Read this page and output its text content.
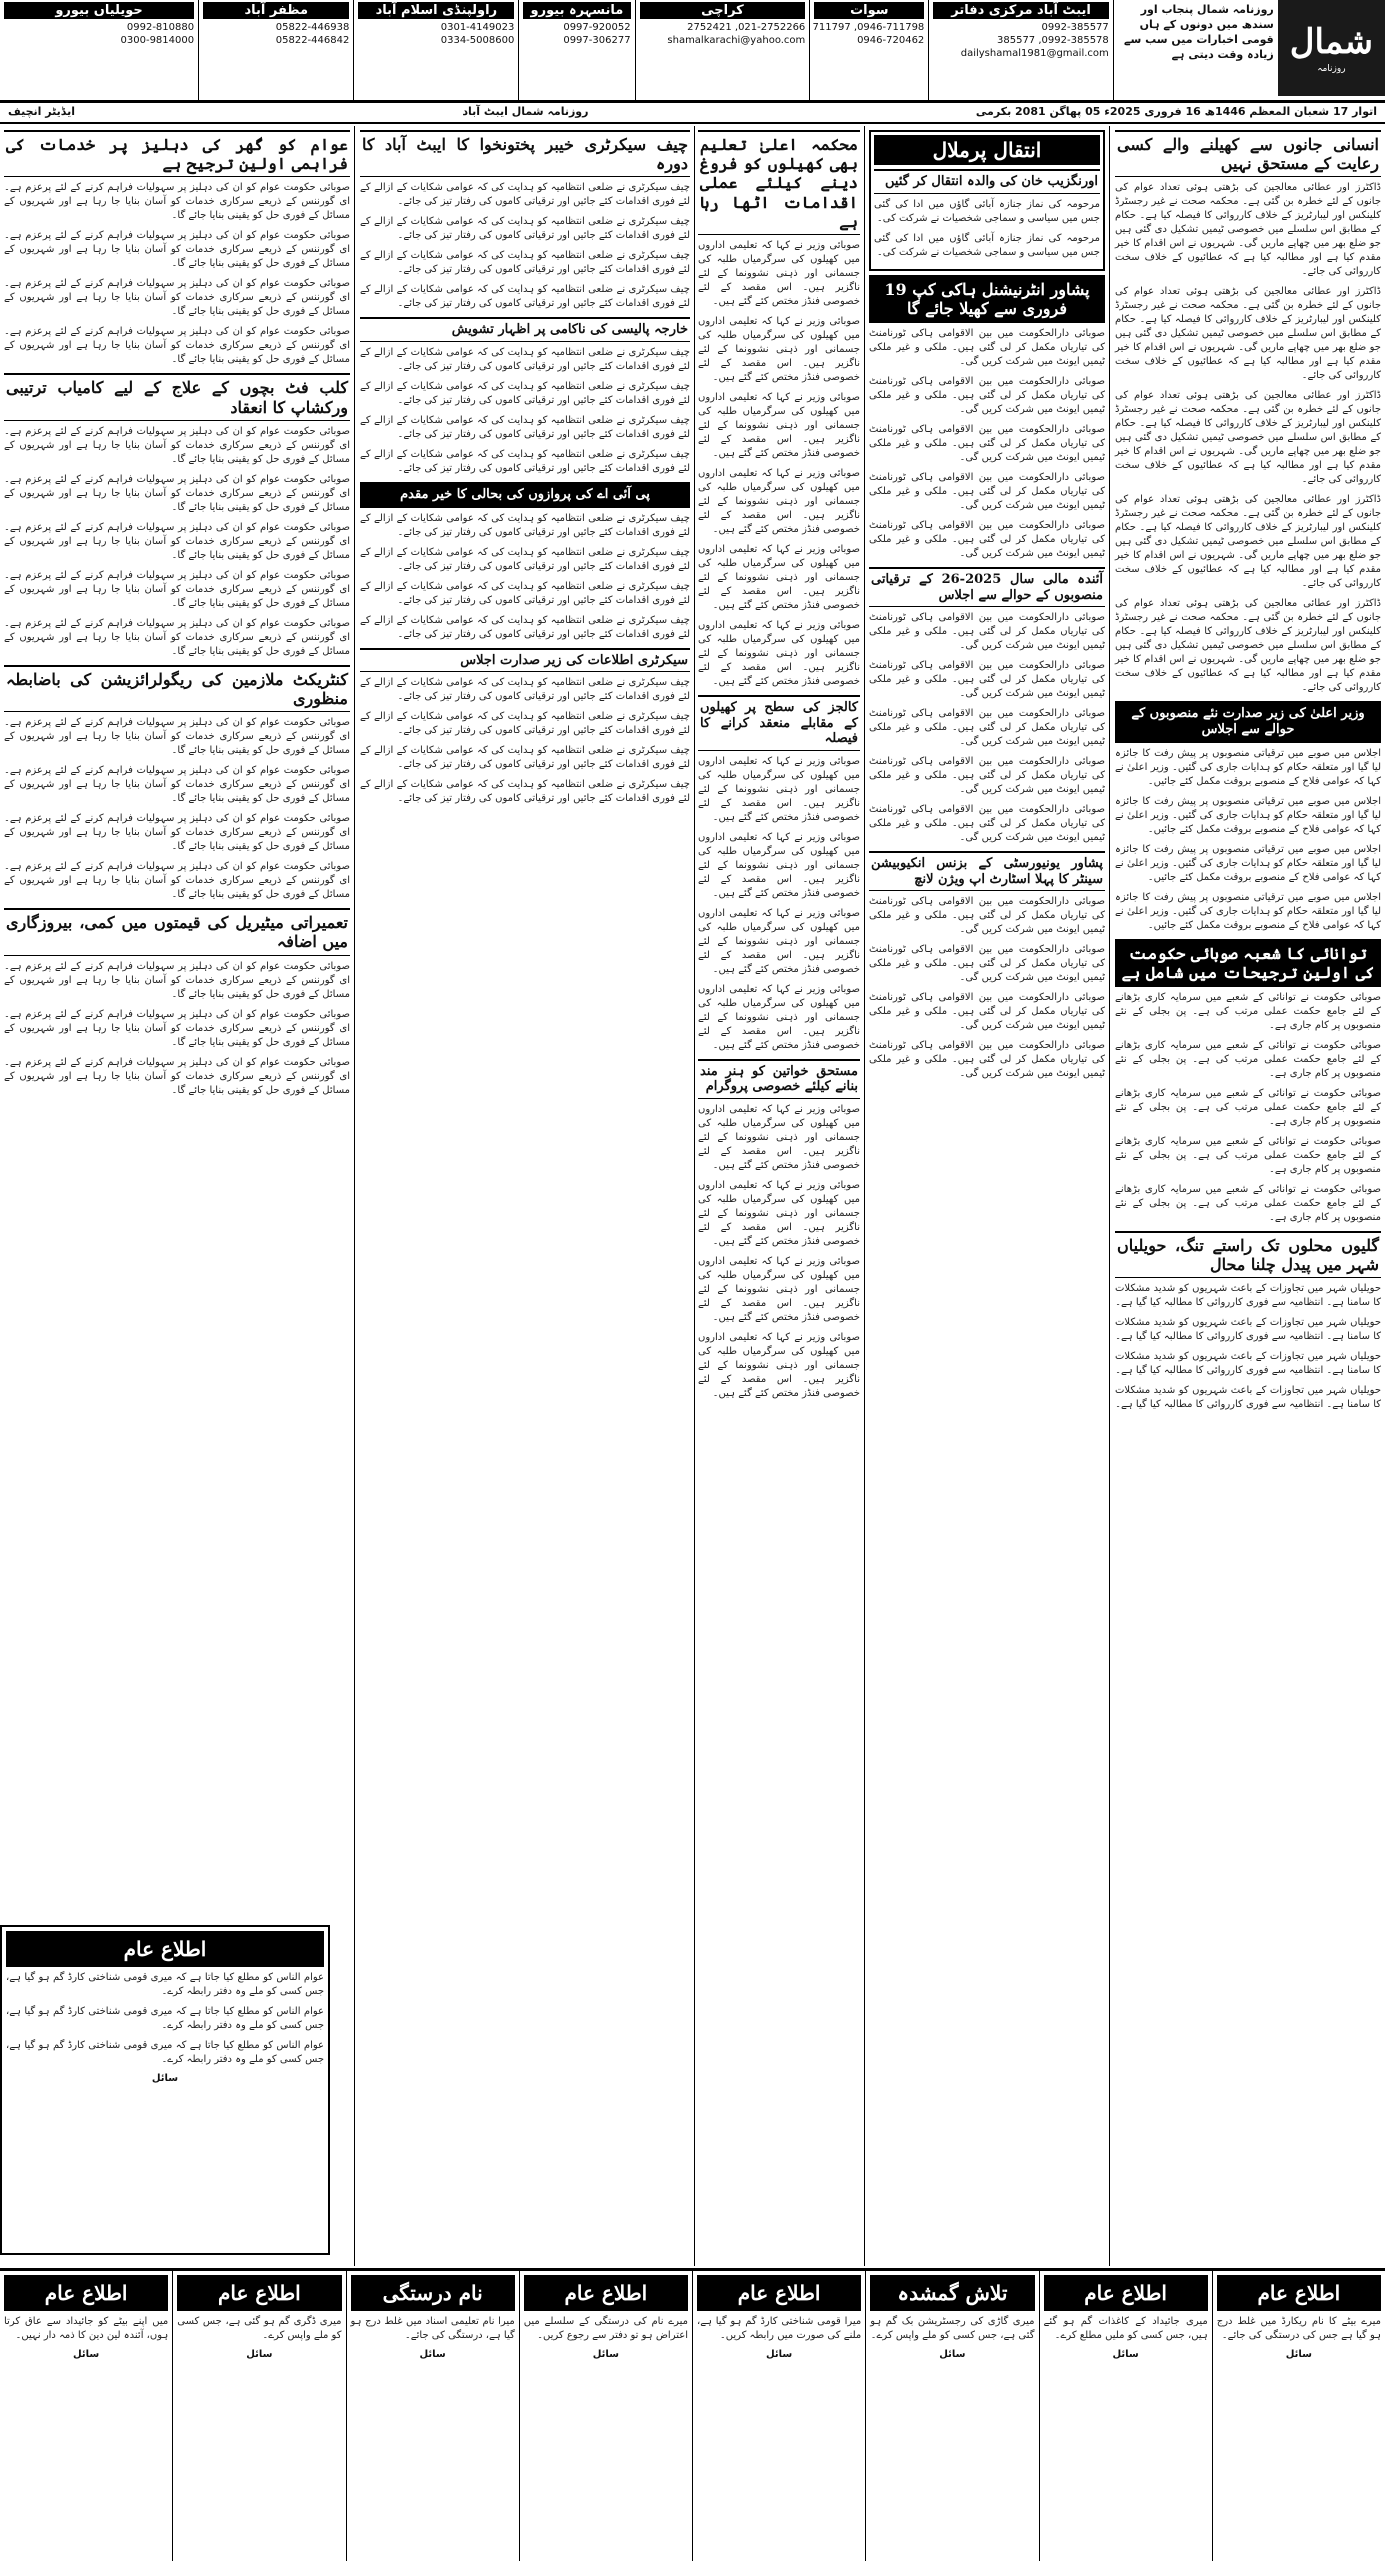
شمال
روزنامہ
روزنامہ شمال پنجاب اور سندھ میں دونوں کے ہاں قومی اخبارات میں سب سے زیادہ وقت دیتی ہے
ایبٹ آباد مرکزی دفاتر
0992-385577
0992-385578, 385577
dailyshamal1981@gmail.com
سوات
0946-711798, 711797
0946-720462
کراچی
021-2752266, 2752421
shamalkarachi@yahoo.com
مانسہرہ بیورو
0997-920052
0997-306277
راولپنڈی اسلام آباد
0301-4149023
0334-5008600
مظفر آباد
05822-446938
05822-446842
حویلیاں بیورو
0992-810880
0300-9814000
اتوار 17 شعبان المعظم 1446ھ 16 فروری 2025ء 05 پھاگن 2081 بکرمی
روزنامہ شمال ایبٹ آباد
ایڈیٹر انچیف
انسانی جانوں سے کھیلنے والے کسی رعایت کے مستحق نہیں

ڈاکٹرز اور عطائی معالجین کی بڑھتی ہوئی تعداد عوام کی جانوں کے لئے خطرہ بن گئی ہے۔ محکمہ صحت نے غیر رجسٹرڈ کلینکس اور لیبارٹریز کے خلاف کارروائی کا فیصلہ کیا ہے۔ حکام کے مطابق اس سلسلے میں خصوصی ٹیمیں تشکیل دی گئی ہیں جو ضلع بھر میں چھاپے ماریں گی۔ شہریوں نے اس اقدام کا خیر مقدم کیا ہے اور مطالبہ کیا ہے کہ عطائیوں کے خلاف سخت کارروائی کی جائے۔

ڈاکٹرز اور عطائی معالجین کی بڑھتی ہوئی تعداد عوام کی جانوں کے لئے خطرہ بن گئی ہے۔ محکمہ صحت نے غیر رجسٹرڈ کلینکس اور لیبارٹریز کے خلاف کارروائی کا فیصلہ کیا ہے۔ حکام کے مطابق اس سلسلے میں خصوصی ٹیمیں تشکیل دی گئی ہیں جو ضلع بھر میں چھاپے ماریں گی۔ شہریوں نے اس اقدام کا خیر مقدم کیا ہے اور مطالبہ کیا ہے کہ عطائیوں کے خلاف سخت کارروائی کی جائے۔

ڈاکٹرز اور عطائی معالجین کی بڑھتی ہوئی تعداد عوام کی جانوں کے لئے خطرہ بن گئی ہے۔ محکمہ صحت نے غیر رجسٹرڈ کلینکس اور لیبارٹریز کے خلاف کارروائی کا فیصلہ کیا ہے۔ حکام کے مطابق اس سلسلے میں خصوصی ٹیمیں تشکیل دی گئی ہیں جو ضلع بھر میں چھاپے ماریں گی۔ شہریوں نے اس اقدام کا خیر مقدم کیا ہے اور مطالبہ کیا ہے کہ عطائیوں کے خلاف سخت کارروائی کی جائے۔

ڈاکٹرز اور عطائی معالجین کی بڑھتی ہوئی تعداد عوام کی جانوں کے لئے خطرہ بن گئی ہے۔ محکمہ صحت نے غیر رجسٹرڈ کلینکس اور لیبارٹریز کے خلاف کارروائی کا فیصلہ کیا ہے۔ حکام کے مطابق اس سلسلے میں خصوصی ٹیمیں تشکیل دی گئی ہیں جو ضلع بھر میں چھاپے ماریں گی۔ شہریوں نے اس اقدام کا خیر مقدم کیا ہے اور مطالبہ کیا ہے کہ عطائیوں کے خلاف سخت کارروائی کی جائے۔

ڈاکٹرز اور عطائی معالجین کی بڑھتی ہوئی تعداد عوام کی جانوں کے لئے خطرہ بن گئی ہے۔ محکمہ صحت نے غیر رجسٹرڈ کلینکس اور لیبارٹریز کے خلاف کارروائی کا فیصلہ کیا ہے۔ حکام کے مطابق اس سلسلے میں خصوصی ٹیمیں تشکیل دی گئی ہیں جو ضلع بھر میں چھاپے ماریں گی۔ شہریوں نے اس اقدام کا خیر مقدم کیا ہے اور مطالبہ کیا ہے کہ عطائیوں کے خلاف سخت کارروائی کی جائے۔

وزیر اعلیٰ کی زیر صدارت نئے منصوبوں کے حوالے سے اجلاس

اجلاس میں صوبے میں ترقیاتی منصوبوں پر پیش رفت کا جائزہ لیا گیا اور متعلقہ حکام کو ہدایات جاری کی گئیں۔ وزیر اعلیٰ نے کہا کہ عوامی فلاح کے منصوبے بروقت مکمل کئے جائیں۔

اجلاس میں صوبے میں ترقیاتی منصوبوں پر پیش رفت کا جائزہ لیا گیا اور متعلقہ حکام کو ہدایات جاری کی گئیں۔ وزیر اعلیٰ نے کہا کہ عوامی فلاح کے منصوبے بروقت مکمل کئے جائیں۔

اجلاس میں صوبے میں ترقیاتی منصوبوں پر پیش رفت کا جائزہ لیا گیا اور متعلقہ حکام کو ہدایات جاری کی گئیں۔ وزیر اعلیٰ نے کہا کہ عوامی فلاح کے منصوبے بروقت مکمل کئے جائیں۔

اجلاس میں صوبے میں ترقیاتی منصوبوں پر پیش رفت کا جائزہ لیا گیا اور متعلقہ حکام کو ہدایات جاری کی گئیں۔ وزیر اعلیٰ نے کہا کہ عوامی فلاح کے منصوبے بروقت مکمل کئے جائیں۔

توانائی کا شعبہ صوبائی حکومت کی اولین ترجیحات میں شامل ہے

صوبائی حکومت نے توانائی کے شعبے میں سرمایہ کاری بڑھانے کے لئے جامع حکمت عملی مرتب کی ہے۔ پن بجلی کے نئے منصوبوں پر کام جاری ہے۔

صوبائی حکومت نے توانائی کے شعبے میں سرمایہ کاری بڑھانے کے لئے جامع حکمت عملی مرتب کی ہے۔ پن بجلی کے نئے منصوبوں پر کام جاری ہے۔

صوبائی حکومت نے توانائی کے شعبے میں سرمایہ کاری بڑھانے کے لئے جامع حکمت عملی مرتب کی ہے۔ پن بجلی کے نئے منصوبوں پر کام جاری ہے۔

صوبائی حکومت نے توانائی کے شعبے میں سرمایہ کاری بڑھانے کے لئے جامع حکمت عملی مرتب کی ہے۔ پن بجلی کے نئے منصوبوں پر کام جاری ہے۔

صوبائی حکومت نے توانائی کے شعبے میں سرمایہ کاری بڑھانے کے لئے جامع حکمت عملی مرتب کی ہے۔ پن بجلی کے نئے منصوبوں پر کام جاری ہے۔

گلیوں محلوں تک راستے تنگ، حویلیاں شہر میں پیدل چلنا محال

حویلیاں شہر میں تجاوزات کے باعث شہریوں کو شدید مشکلات کا سامنا ہے۔ انتظامیہ سے فوری کارروائی کا مطالبہ کیا گیا ہے۔

حویلیاں شہر میں تجاوزات کے باعث شہریوں کو شدید مشکلات کا سامنا ہے۔ انتظامیہ سے فوری کارروائی کا مطالبہ کیا گیا ہے۔

حویلیاں شہر میں تجاوزات کے باعث شہریوں کو شدید مشکلات کا سامنا ہے۔ انتظامیہ سے فوری کارروائی کا مطالبہ کیا گیا ہے۔

حویلیاں شہر میں تجاوزات کے باعث شہریوں کو شدید مشکلات کا سامنا ہے۔ انتظامیہ سے فوری کارروائی کا مطالبہ کیا گیا ہے۔

انتقال پرملال
اورنگزیب خان کی والدہ انتقال کر گئیں

مرحومہ کی نماز جنازہ آبائی گاؤں میں ادا کی گئی جس میں سیاسی و سماجی شخصیات نے شرکت کی۔

مرحومہ کی نماز جنازہ آبائی گاؤں میں ادا کی گئی جس میں سیاسی و سماجی شخصیات نے شرکت کی۔

پشاور انٹرنیشنل ہاکی کپ 19 فروری سے کھیلا جائے گا

صوبائی دارالحکومت میں بین الاقوامی ہاکی ٹورنامنٹ کی تیاریاں مکمل کر لی گئی ہیں۔ ملکی و غیر ملکی ٹیمیں ایونٹ میں شرکت کریں گی۔

صوبائی دارالحکومت میں بین الاقوامی ہاکی ٹورنامنٹ کی تیاریاں مکمل کر لی گئی ہیں۔ ملکی و غیر ملکی ٹیمیں ایونٹ میں شرکت کریں گی۔

صوبائی دارالحکومت میں بین الاقوامی ہاکی ٹورنامنٹ کی تیاریاں مکمل کر لی گئی ہیں۔ ملکی و غیر ملکی ٹیمیں ایونٹ میں شرکت کریں گی۔

صوبائی دارالحکومت میں بین الاقوامی ہاکی ٹورنامنٹ کی تیاریاں مکمل کر لی گئی ہیں۔ ملکی و غیر ملکی ٹیمیں ایونٹ میں شرکت کریں گی۔

صوبائی دارالحکومت میں بین الاقوامی ہاکی ٹورنامنٹ کی تیاریاں مکمل کر لی گئی ہیں۔ ملکی و غیر ملکی ٹیمیں ایونٹ میں شرکت کریں گی۔

آئندہ مالی سال 2025-26 کے ترقیاتی منصوبوں کے حوالے سے اجلاس

صوبائی دارالحکومت میں بین الاقوامی ہاکی ٹورنامنٹ کی تیاریاں مکمل کر لی گئی ہیں۔ ملکی و غیر ملکی ٹیمیں ایونٹ میں شرکت کریں گی۔

صوبائی دارالحکومت میں بین الاقوامی ہاکی ٹورنامنٹ کی تیاریاں مکمل کر لی گئی ہیں۔ ملکی و غیر ملکی ٹیمیں ایونٹ میں شرکت کریں گی۔

صوبائی دارالحکومت میں بین الاقوامی ہاکی ٹورنامنٹ کی تیاریاں مکمل کر لی گئی ہیں۔ ملکی و غیر ملکی ٹیمیں ایونٹ میں شرکت کریں گی۔

صوبائی دارالحکومت میں بین الاقوامی ہاکی ٹورنامنٹ کی تیاریاں مکمل کر لی گئی ہیں۔ ملکی و غیر ملکی ٹیمیں ایونٹ میں شرکت کریں گی۔

صوبائی دارالحکومت میں بین الاقوامی ہاکی ٹورنامنٹ کی تیاریاں مکمل کر لی گئی ہیں۔ ملکی و غیر ملکی ٹیمیں ایونٹ میں شرکت کریں گی۔

پشاور یونیورسٹی کے بزنس انکیوبیشن سینٹر کا پہلا اسٹارٹ اپ ویژن لانچ

صوبائی دارالحکومت میں بین الاقوامی ہاکی ٹورنامنٹ کی تیاریاں مکمل کر لی گئی ہیں۔ ملکی و غیر ملکی ٹیمیں ایونٹ میں شرکت کریں گی۔

صوبائی دارالحکومت میں بین الاقوامی ہاکی ٹورنامنٹ کی تیاریاں مکمل کر لی گئی ہیں۔ ملکی و غیر ملکی ٹیمیں ایونٹ میں شرکت کریں گی۔

صوبائی دارالحکومت میں بین الاقوامی ہاکی ٹورنامنٹ کی تیاریاں مکمل کر لی گئی ہیں۔ ملکی و غیر ملکی ٹیمیں ایونٹ میں شرکت کریں گی۔

صوبائی دارالحکومت میں بین الاقوامی ہاکی ٹورنامنٹ کی تیاریاں مکمل کر لی گئی ہیں۔ ملکی و غیر ملکی ٹیمیں ایونٹ میں شرکت کریں گی۔

محکمہ اعلیٰ تعلیم بھی کھیلوں کو فروغ دینے کیلئے عملی اقدامات اٹھا رہا ہے

صوبائی وزیر نے کہا کہ تعلیمی اداروں میں کھیلوں کی سرگرمیاں طلبہ کی جسمانی اور ذہنی نشوونما کے لئے ناگزیر ہیں۔ اس مقصد کے لئے خصوصی فنڈز مختص کئے گئے ہیں۔

صوبائی وزیر نے کہا کہ تعلیمی اداروں میں کھیلوں کی سرگرمیاں طلبہ کی جسمانی اور ذہنی نشوونما کے لئے ناگزیر ہیں۔ اس مقصد کے لئے خصوصی فنڈز مختص کئے گئے ہیں۔

صوبائی وزیر نے کہا کہ تعلیمی اداروں میں کھیلوں کی سرگرمیاں طلبہ کی جسمانی اور ذہنی نشوونما کے لئے ناگزیر ہیں۔ اس مقصد کے لئے خصوصی فنڈز مختص کئے گئے ہیں۔

صوبائی وزیر نے کہا کہ تعلیمی اداروں میں کھیلوں کی سرگرمیاں طلبہ کی جسمانی اور ذہنی نشوونما کے لئے ناگزیر ہیں۔ اس مقصد کے لئے خصوصی فنڈز مختص کئے گئے ہیں۔

صوبائی وزیر نے کہا کہ تعلیمی اداروں میں کھیلوں کی سرگرمیاں طلبہ کی جسمانی اور ذہنی نشوونما کے لئے ناگزیر ہیں۔ اس مقصد کے لئے خصوصی فنڈز مختص کئے گئے ہیں۔

صوبائی وزیر نے کہا کہ تعلیمی اداروں میں کھیلوں کی سرگرمیاں طلبہ کی جسمانی اور ذہنی نشوونما کے لئے ناگزیر ہیں۔ اس مقصد کے لئے خصوصی فنڈز مختص کئے گئے ہیں۔

کالجز کی سطح پر کھیلوں کے مقابلے منعقد کرانے کا فیصلہ

صوبائی وزیر نے کہا کہ تعلیمی اداروں میں کھیلوں کی سرگرمیاں طلبہ کی جسمانی اور ذہنی نشوونما کے لئے ناگزیر ہیں۔ اس مقصد کے لئے خصوصی فنڈز مختص کئے گئے ہیں۔

صوبائی وزیر نے کہا کہ تعلیمی اداروں میں کھیلوں کی سرگرمیاں طلبہ کی جسمانی اور ذہنی نشوونما کے لئے ناگزیر ہیں۔ اس مقصد کے لئے خصوصی فنڈز مختص کئے گئے ہیں۔

صوبائی وزیر نے کہا کہ تعلیمی اداروں میں کھیلوں کی سرگرمیاں طلبہ کی جسمانی اور ذہنی نشوونما کے لئے ناگزیر ہیں۔ اس مقصد کے لئے خصوصی فنڈز مختص کئے گئے ہیں۔

صوبائی وزیر نے کہا کہ تعلیمی اداروں میں کھیلوں کی سرگرمیاں طلبہ کی جسمانی اور ذہنی نشوونما کے لئے ناگزیر ہیں۔ اس مقصد کے لئے خصوصی فنڈز مختص کئے گئے ہیں۔

مستحق خواتین کو ہنر مند بنانے کیلئے خصوصی پروگرام

صوبائی وزیر نے کہا کہ تعلیمی اداروں میں کھیلوں کی سرگرمیاں طلبہ کی جسمانی اور ذہنی نشوونما کے لئے ناگزیر ہیں۔ اس مقصد کے لئے خصوصی فنڈز مختص کئے گئے ہیں۔

صوبائی وزیر نے کہا کہ تعلیمی اداروں میں کھیلوں کی سرگرمیاں طلبہ کی جسمانی اور ذہنی نشوونما کے لئے ناگزیر ہیں۔ اس مقصد کے لئے خصوصی فنڈز مختص کئے گئے ہیں۔

صوبائی وزیر نے کہا کہ تعلیمی اداروں میں کھیلوں کی سرگرمیاں طلبہ کی جسمانی اور ذہنی نشوونما کے لئے ناگزیر ہیں۔ اس مقصد کے لئے خصوصی فنڈز مختص کئے گئے ہیں۔

صوبائی وزیر نے کہا کہ تعلیمی اداروں میں کھیلوں کی سرگرمیاں طلبہ کی جسمانی اور ذہنی نشوونما کے لئے ناگزیر ہیں۔ اس مقصد کے لئے خصوصی فنڈز مختص کئے گئے ہیں۔

چیف سیکرٹری خیبر پختونخوا کا ایبٹ آباد کا دورہ

چیف سیکرٹری نے ضلعی انتظامیہ کو ہدایت کی کہ عوامی شکایات کے ازالے کے لئے فوری اقدامات کئے جائیں اور ترقیاتی کاموں کی رفتار تیز کی جائے۔

چیف سیکرٹری نے ضلعی انتظامیہ کو ہدایت کی کہ عوامی شکایات کے ازالے کے لئے فوری اقدامات کئے جائیں اور ترقیاتی کاموں کی رفتار تیز کی جائے۔

چیف سیکرٹری نے ضلعی انتظامیہ کو ہدایت کی کہ عوامی شکایات کے ازالے کے لئے فوری اقدامات کئے جائیں اور ترقیاتی کاموں کی رفتار تیز کی جائے۔

چیف سیکرٹری نے ضلعی انتظامیہ کو ہدایت کی کہ عوامی شکایات کے ازالے کے لئے فوری اقدامات کئے جائیں اور ترقیاتی کاموں کی رفتار تیز کی جائے۔

خارجہ پالیسی کی ناکامی پر اظہار تشویش

چیف سیکرٹری نے ضلعی انتظامیہ کو ہدایت کی کہ عوامی شکایات کے ازالے کے لئے فوری اقدامات کئے جائیں اور ترقیاتی کاموں کی رفتار تیز کی جائے۔

چیف سیکرٹری نے ضلعی انتظامیہ کو ہدایت کی کہ عوامی شکایات کے ازالے کے لئے فوری اقدامات کئے جائیں اور ترقیاتی کاموں کی رفتار تیز کی جائے۔

چیف سیکرٹری نے ضلعی انتظامیہ کو ہدایت کی کہ عوامی شکایات کے ازالے کے لئے فوری اقدامات کئے جائیں اور ترقیاتی کاموں کی رفتار تیز کی جائے۔

چیف سیکرٹری نے ضلعی انتظامیہ کو ہدایت کی کہ عوامی شکایات کے ازالے کے لئے فوری اقدامات کئے جائیں اور ترقیاتی کاموں کی رفتار تیز کی جائے۔

پی آئی اے کی پروازوں کی بحالی کا خیر مقدم

چیف سیکرٹری نے ضلعی انتظامیہ کو ہدایت کی کہ عوامی شکایات کے ازالے کے لئے فوری اقدامات کئے جائیں اور ترقیاتی کاموں کی رفتار تیز کی جائے۔

چیف سیکرٹری نے ضلعی انتظامیہ کو ہدایت کی کہ عوامی شکایات کے ازالے کے لئے فوری اقدامات کئے جائیں اور ترقیاتی کاموں کی رفتار تیز کی جائے۔

چیف سیکرٹری نے ضلعی انتظامیہ کو ہدایت کی کہ عوامی شکایات کے ازالے کے لئے فوری اقدامات کئے جائیں اور ترقیاتی کاموں کی رفتار تیز کی جائے۔

چیف سیکرٹری نے ضلعی انتظامیہ کو ہدایت کی کہ عوامی شکایات کے ازالے کے لئے فوری اقدامات کئے جائیں اور ترقیاتی کاموں کی رفتار تیز کی جائے۔

سیکرٹری اطلاعات کی زیر صدارت اجلاس

چیف سیکرٹری نے ضلعی انتظامیہ کو ہدایت کی کہ عوامی شکایات کے ازالے کے لئے فوری اقدامات کئے جائیں اور ترقیاتی کاموں کی رفتار تیز کی جائے۔

چیف سیکرٹری نے ضلعی انتظامیہ کو ہدایت کی کہ عوامی شکایات کے ازالے کے لئے فوری اقدامات کئے جائیں اور ترقیاتی کاموں کی رفتار تیز کی جائے۔

چیف سیکرٹری نے ضلعی انتظامیہ کو ہدایت کی کہ عوامی شکایات کے ازالے کے لئے فوری اقدامات کئے جائیں اور ترقیاتی کاموں کی رفتار تیز کی جائے۔

چیف سیکرٹری نے ضلعی انتظامیہ کو ہدایت کی کہ عوامی شکایات کے ازالے کے لئے فوری اقدامات کئے جائیں اور ترقیاتی کاموں کی رفتار تیز کی جائے۔

عوام کو گھر کی دہلیز پر خدمات کی فراہمی اولین ترجیح ہے

صوبائی حکومت عوام کو ان کی دہلیز پر سہولیات فراہم کرنے کے لئے پرعزم ہے۔ ای گورننس کے ذریعے سرکاری خدمات کو آسان بنایا جا رہا ہے اور شہریوں کے مسائل کے فوری حل کو یقینی بنایا جائے گا۔

صوبائی حکومت عوام کو ان کی دہلیز پر سہولیات فراہم کرنے کے لئے پرعزم ہے۔ ای گورننس کے ذریعے سرکاری خدمات کو آسان بنایا جا رہا ہے اور شہریوں کے مسائل کے فوری حل کو یقینی بنایا جائے گا۔

صوبائی حکومت عوام کو ان کی دہلیز پر سہولیات فراہم کرنے کے لئے پرعزم ہے۔ ای گورننس کے ذریعے سرکاری خدمات کو آسان بنایا جا رہا ہے اور شہریوں کے مسائل کے فوری حل کو یقینی بنایا جائے گا۔

صوبائی حکومت عوام کو ان کی دہلیز پر سہولیات فراہم کرنے کے لئے پرعزم ہے۔ ای گورننس کے ذریعے سرکاری خدمات کو آسان بنایا جا رہا ہے اور شہریوں کے مسائل کے فوری حل کو یقینی بنایا جائے گا۔

کلب فٹ بچوں کے علاج کے لیے کامیاب ترتیبی ورکشاپ کا انعقاد

صوبائی حکومت عوام کو ان کی دہلیز پر سہولیات فراہم کرنے کے لئے پرعزم ہے۔ ای گورننس کے ذریعے سرکاری خدمات کو آسان بنایا جا رہا ہے اور شہریوں کے مسائل کے فوری حل کو یقینی بنایا جائے گا۔

صوبائی حکومت عوام کو ان کی دہلیز پر سہولیات فراہم کرنے کے لئے پرعزم ہے۔ ای گورننس کے ذریعے سرکاری خدمات کو آسان بنایا جا رہا ہے اور شہریوں کے مسائل کے فوری حل کو یقینی بنایا جائے گا۔

صوبائی حکومت عوام کو ان کی دہلیز پر سہولیات فراہم کرنے کے لئے پرعزم ہے۔ ای گورننس کے ذریعے سرکاری خدمات کو آسان بنایا جا رہا ہے اور شہریوں کے مسائل کے فوری حل کو یقینی بنایا جائے گا۔

صوبائی حکومت عوام کو ان کی دہلیز پر سہولیات فراہم کرنے کے لئے پرعزم ہے۔ ای گورننس کے ذریعے سرکاری خدمات کو آسان بنایا جا رہا ہے اور شہریوں کے مسائل کے فوری حل کو یقینی بنایا جائے گا۔

صوبائی حکومت عوام کو ان کی دہلیز پر سہولیات فراہم کرنے کے لئے پرعزم ہے۔ ای گورننس کے ذریعے سرکاری خدمات کو آسان بنایا جا رہا ہے اور شہریوں کے مسائل کے فوری حل کو یقینی بنایا جائے گا۔

کنٹریکٹ ملازمین کی ریگولرائزیشن کی باضابطہ منظوری

صوبائی حکومت عوام کو ان کی دہلیز پر سہولیات فراہم کرنے کے لئے پرعزم ہے۔ ای گورننس کے ذریعے سرکاری خدمات کو آسان بنایا جا رہا ہے اور شہریوں کے مسائل کے فوری حل کو یقینی بنایا جائے گا۔

صوبائی حکومت عوام کو ان کی دہلیز پر سہولیات فراہم کرنے کے لئے پرعزم ہے۔ ای گورننس کے ذریعے سرکاری خدمات کو آسان بنایا جا رہا ہے اور شہریوں کے مسائل کے فوری حل کو یقینی بنایا جائے گا۔

صوبائی حکومت عوام کو ان کی دہلیز پر سہولیات فراہم کرنے کے لئے پرعزم ہے۔ ای گورننس کے ذریعے سرکاری خدمات کو آسان بنایا جا رہا ہے اور شہریوں کے مسائل کے فوری حل کو یقینی بنایا جائے گا۔

صوبائی حکومت عوام کو ان کی دہلیز پر سہولیات فراہم کرنے کے لئے پرعزم ہے۔ ای گورننس کے ذریعے سرکاری خدمات کو آسان بنایا جا رہا ہے اور شہریوں کے مسائل کے فوری حل کو یقینی بنایا جائے گا۔

تعمیراتی میٹیریل کی قیمتوں میں کمی، بیروزگاری میں اضافہ

صوبائی حکومت عوام کو ان کی دہلیز پر سہولیات فراہم کرنے کے لئے پرعزم ہے۔ ای گورننس کے ذریعے سرکاری خدمات کو آسان بنایا جا رہا ہے اور شہریوں کے مسائل کے فوری حل کو یقینی بنایا جائے گا۔

صوبائی حکومت عوام کو ان کی دہلیز پر سہولیات فراہم کرنے کے لئے پرعزم ہے۔ ای گورننس کے ذریعے سرکاری خدمات کو آسان بنایا جا رہا ہے اور شہریوں کے مسائل کے فوری حل کو یقینی بنایا جائے گا۔

صوبائی حکومت عوام کو ان کی دہلیز پر سہولیات فراہم کرنے کے لئے پرعزم ہے۔ ای گورننس کے ذریعے سرکاری خدمات کو آسان بنایا جا رہا ہے اور شہریوں کے مسائل کے فوری حل کو یقینی بنایا جائے گا۔

اطلاع عام

عوام الناس کو مطلع کیا جاتا ہے کہ میری قومی شناختی کارڈ گم ہو گیا ہے، جس کسی کو ملے وہ دفتر رابطہ کرے۔

عوام الناس کو مطلع کیا جاتا ہے کہ میری قومی شناختی کارڈ گم ہو گیا ہے، جس کسی کو ملے وہ دفتر رابطہ کرے۔

عوام الناس کو مطلع کیا جاتا ہے کہ میری قومی شناختی کارڈ گم ہو گیا ہے، جس کسی کو ملے وہ دفتر رابطہ کرے۔

سائل
اطلاع عام
میرے بیٹے کا نام ریکارڈ میں غلط درج ہو گیا ہے جس کی درستگی کی جائے۔
سائل
اطلاع عام
میری جائیداد کے کاغذات گم ہو گئے ہیں، جس کسی کو ملیں مطلع کرے۔
سائل
تلاش گمشدہ
میری گاڑی کی رجسٹریشن بک گم ہو گئی ہے، جس کسی کو ملے واپس کرے۔
سائل
اطلاع عام
میرا قومی شناختی کارڈ گم ہو گیا ہے، ملنے کی صورت میں رابطہ کریں۔
سائل
اطلاع عام
میرے نام کی درستگی کے سلسلے میں اعتراض ہو تو دفتر سے رجوع کریں۔
سائل
نام درستگی
میرا نام تعلیمی اسناد میں غلط درج ہو گیا ہے، درستگی کی جائے۔
سائل
اطلاع عام
میری ڈگری گم ہو گئی ہے، جس کسی کو ملے واپس کرے۔
سائل
اطلاع عام
میں اپنے بیٹے کو جائیداد سے عاق کرتا ہوں، آئندہ لین دین کا ذمہ دار نہیں۔
سائل
